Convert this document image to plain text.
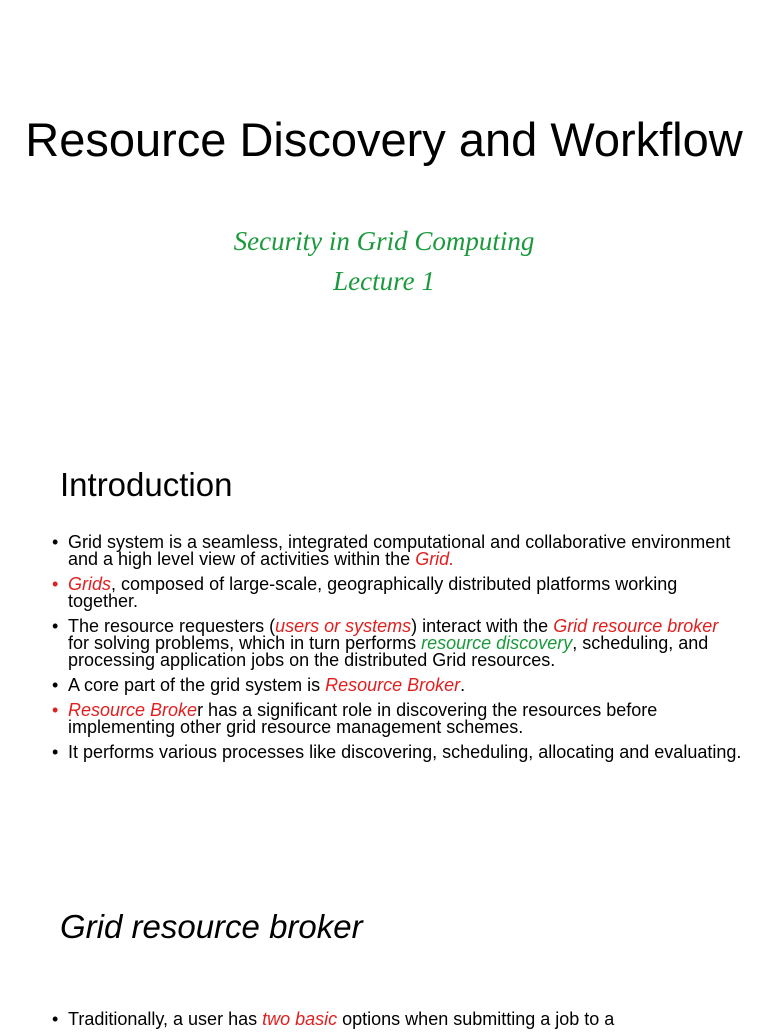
Resource Discovery and Workflow
Security in Grid Computing
Lecture 1
Introduction
• Grid system is a seamless, integrated computational and collaborative environment and a high level view of activities within the Grid.
• Grids, composed of large-scale, geographically distributed platforms working together.
• The resource requesters (users or systems) interact with the Grid resource broker for solving problems, which in turn performs resource discovery, scheduling, and processing application jobs on the distributed Grid resources.
• A core part of the grid system is Resource Broker.
• Resource Broker has a significant role in discovering the resources before implementing other grid resource management schemes.
• It performs various processes like discovering, scheduling, allocating and evaluating.
Grid resource broker
• Traditionally, a user has two basic options when submitting a job to a
